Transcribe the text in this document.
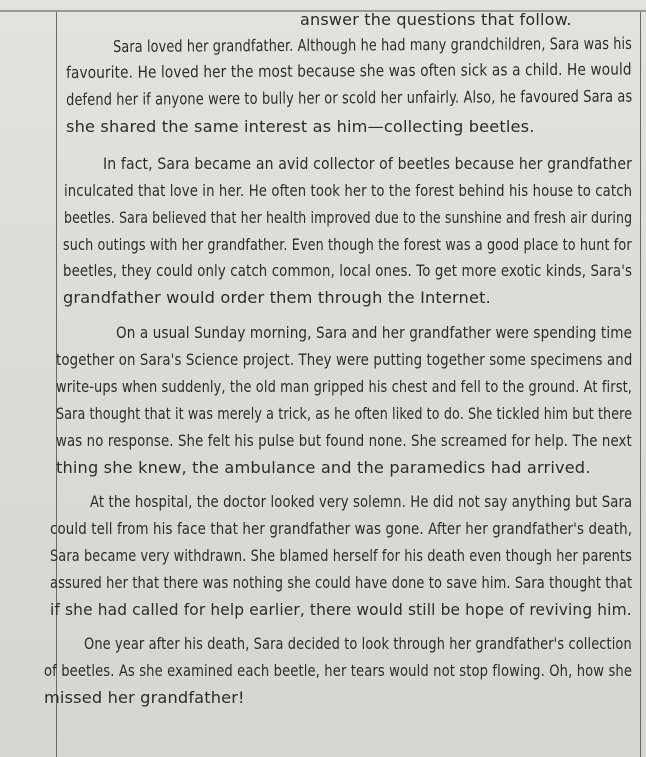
answer the questions that follow.
Sara loved her grandfather. Although he had many grandchildren, Sara was his
favourite. He loved her the most because she was often sick as a child. He would
defend her if anyone were to bully her or scold her unfairly. Also, he favoured Sara as
she shared the same interest as him—collecting beetles.
In fact, Sara became an avid collector of beetles because her grandfather
inculcated that love in her. He often took her to the forest behind his house to catch
beetles. Sara believed that her health improved due to the sunshine and fresh air during
such outings with her grandfather. Even though the forest was a good place to hunt for
beetles, they could only catch common, local ones. To get more exotic kinds, Sara's
grandfather would order them through the Internet.
On a usual Sunday morning, Sara and her grandfather were spending time
together on Sara's Science project. They were putting together some specimens and
write-ups when suddenly, the old man gripped his chest and fell to the ground. At first,
Sara thought that it was merely a trick, as he often liked to do. She tickled him but there
was no response. She felt his pulse but found none. She screamed for help. The next
thing she knew, the ambulance and the paramedics had arrived.
At the hospital, the doctor looked very solemn. He did not say anything but Sara
could tell from his face that her grandfather was gone. After her grandfather's death,
Sara became very withdrawn. She blamed herself for his death even though her parents
assured her that there was nothing she could have done to save him. Sara thought that
if she had called for help earlier, there would still be hope of reviving him.
One year after his death, Sara decided to look through her grandfather's collection
of beetles. As she examined each beetle, her tears would not stop flowing. Oh, how she
missed her grandfather!
